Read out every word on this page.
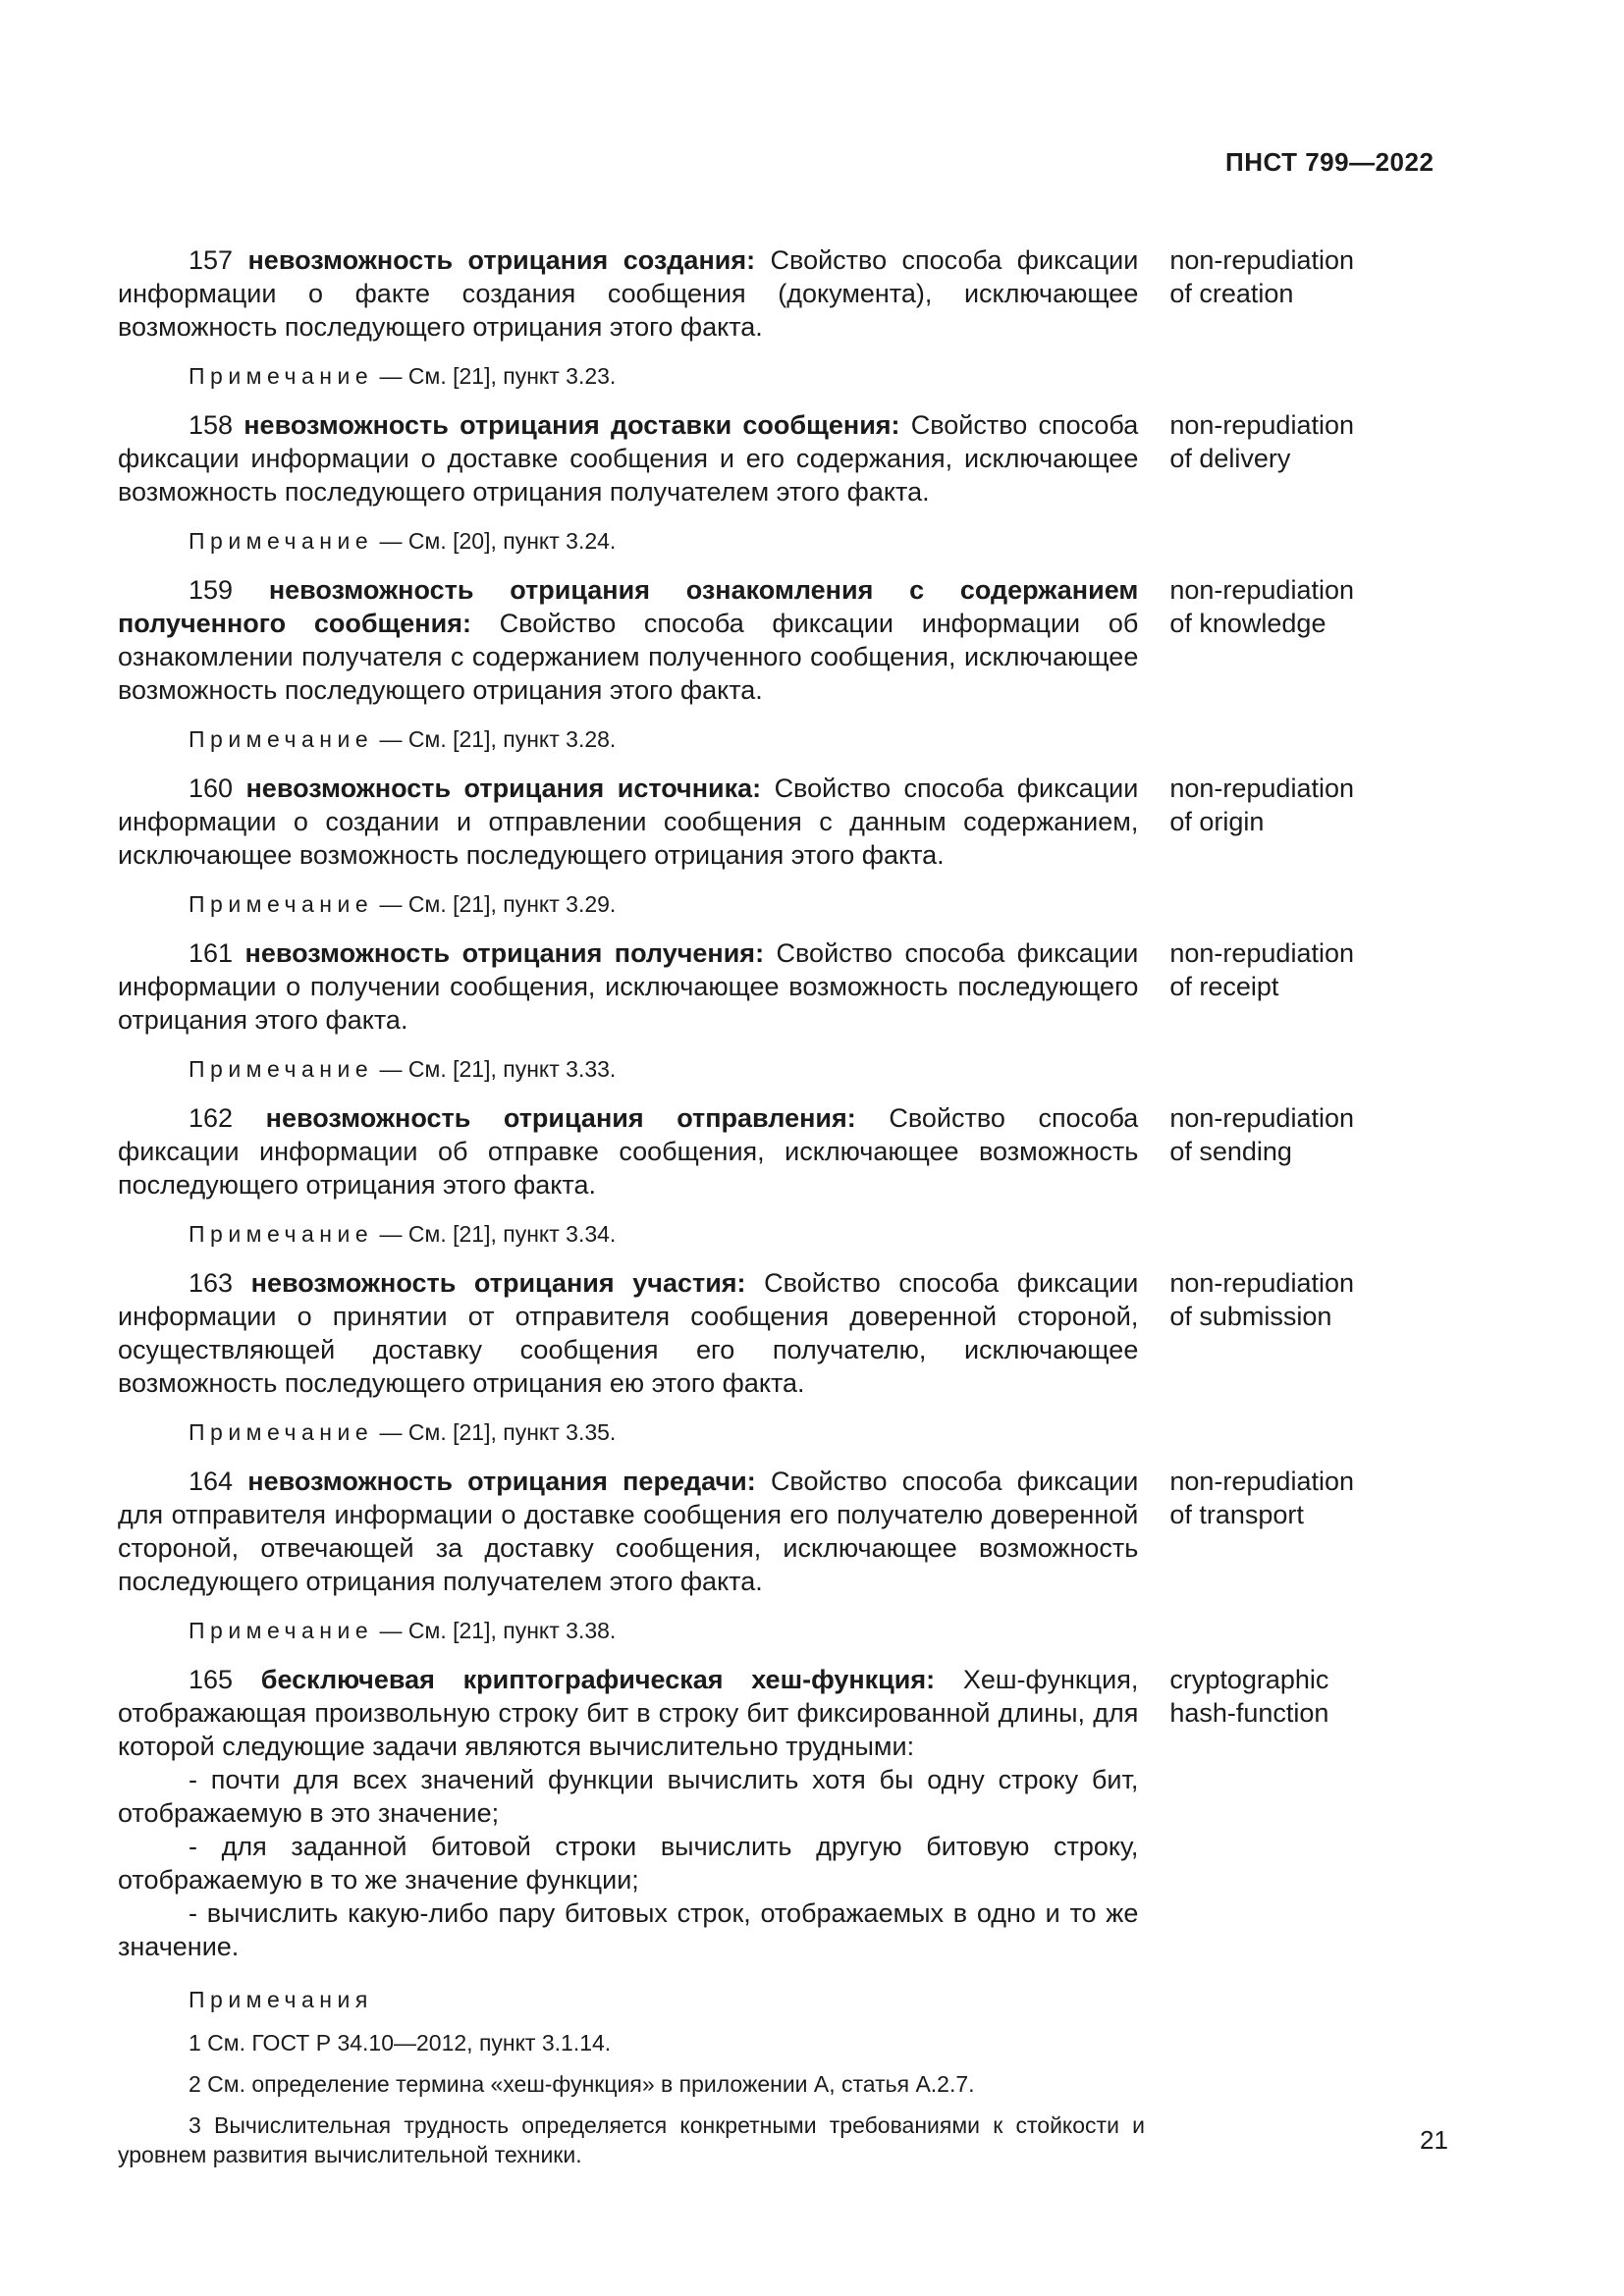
ПНСТ 799—2022
157 невозможность отрицания создания: Свойство способа фиксации информации о факте создания сообщения (документа), исключающее возможность последующего отрицания этого факта.
non-repudiation
of creation
Примечание — См. [21], пункт 3.23.
158 невозможность отрицания доставки сообщения: Свойство способа фиксации информации о доставке сообщения и его содержания, исключающее возможность последующего отрицания получателем этого факта.
non-repudiation
of delivery
Примечание — См. [20], пункт 3.24.
159 невозможность отрицания ознакомления с содержанием полученного сообщения: Свойство способа фиксации информации об ознакомлении получателя с содержанием полученного сообщения, исключающее возможность последующего отрицания этого факта.
non-repudiation
of knowledge
Примечание — См. [21], пункт 3.28.
160 невозможность отрицания источника: Свойство способа фиксации информации о создании и отправлении сообщения с данным содержанием, исключающее возможность последующего отрицания этого факта.
non-repudiation
of origin
Примечание — См. [21], пункт 3.29.
161 невозможность отрицания получения: Свойство способа фиксации информации о получении сообщения, исключающее возможность последующего отрицания этого факта.
non-repudiation
of receipt
Примечание — См. [21], пункт 3.33.
162 невозможность отрицания отправления: Свойство способа фиксации информации об отправке сообщения, исключающее возможность последующего отрицания этого факта.
non-repudiation
of sending
Примечание — См. [21], пункт 3.34.
163 невозможность отрицания участия: Свойство способа фиксации информации о принятии от отправителя сообщения доверенной стороной, осуществляющей доставку сообщения его получателю, исключающее возможность последующего отрицания ею этого факта.
non-repudiation
of submission
Примечание — См. [21], пункт 3.35.
164 невозможность отрицания передачи: Свойство способа фиксации для отправителя информации о доставке сообщения его получателю доверенной стороной, отвечающей за доставку сообщения, исключающее возможность последующего отрицания получателем этого факта.
non-repudiation
of transport
Примечание — См. [21], пункт 3.38.

165 бесключевая криптографическая хеш-функция: Хеш-функция, отображающая произвольную строку бит в строку бит фиксированной длины, для которой следующие задачи являются вычислительно трудными:

- почти для всех значений функции вычислить хотя бы одну строку бит, отображаемую в это значение;

- для заданной битовой строки вычислить другую битовую строку, отображаемую в то же значение функции;

- вычислить какую-либо пару битовых строк, отображаемых в одно и то же значение.

cryptographic
hash-function
Примечания
1 См. ГОСТ Р 34.10—2012, пункт 3.1.14.
2 См. определение термина «хеш-функция» в приложении А, статья А.2.7.
3 Вычислительная трудность определяется конкретными требованиями к стойкости и уровнем развития вычислительной техники.	21
